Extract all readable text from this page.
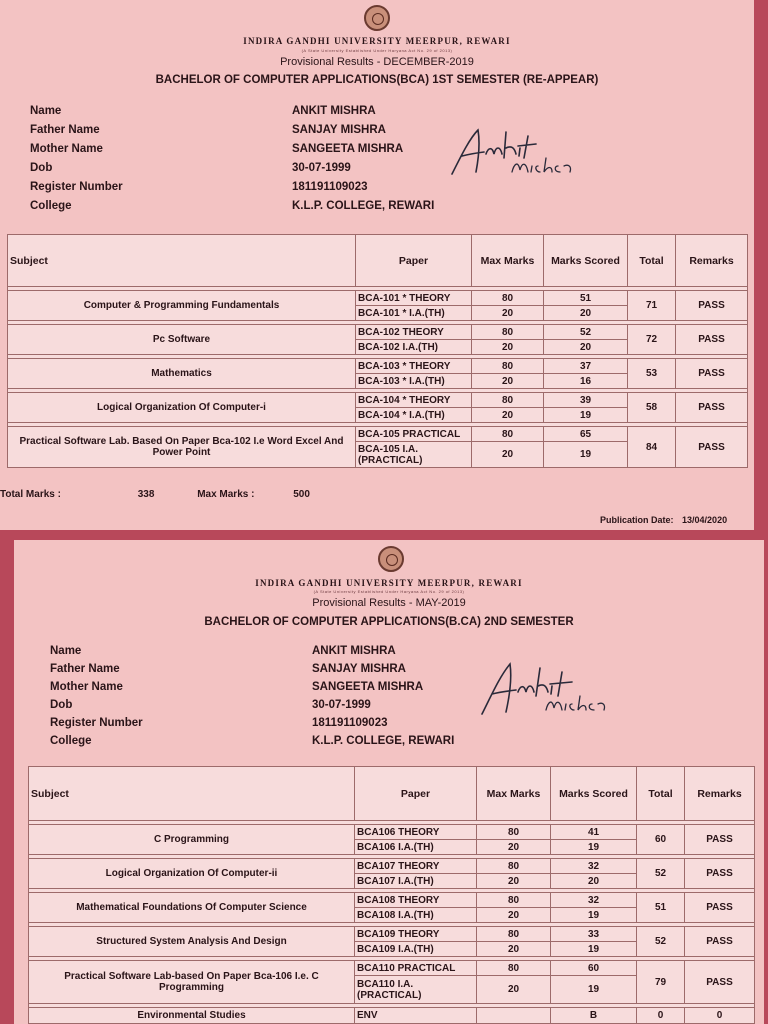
INDIRA GANDHI UNIVERSITY MEERPUR, REWARI
(A State University Established Under Haryana Act No. 29 of 2013)
Provisional Results - DECEMBER-2019
BACHELOR OF COMPUTER APPLICATIONS(BCA) 1ST SEMESTER (RE-APPEAR)
Name	ANKIT MISHRA
Father Name	SANJAY MISHRA
Mother Name	SANGEETA MISHRA
Dob	30-07-1999
Register Number	181191109023
College	K.L.P. COLLEGE, REWARI
Subject	Paper	Max Marks	Marks Scored	Total	Remarks

Computer & Programming Fundamentals	BCA-101 * THEORY	80	51	71	PASS
	BCA-101 * I.A.(TH)	20	20		

Pc Software	BCA-102 THEORY	80	52	72	PASS
	BCA-102 I.A.(TH)	20	20		

Mathematics	BCA-103 * THEORY	80	37	53	PASS
	BCA-103 * I.A.(TH)	20	16		

Logical Organization Of Computer-i	BCA-104 * THEORY	80	39	58	PASS
	BCA-104 * I.A.(TH)	20	19		

Practical Software Lab. Based On Paper Bca-102 I.e Word Excel And Power Point	BCA-105 PRACTICAL	80	65	84	PASS
	BCA-105 I.A. (PRACTICAL)	20	19		
Total Marks :	338	Max Marks :	500
Publication Date: 13/04/2020
INDIRA GANDHI UNIVERSITY MEERPUR, REWARI
(A State University Established Under Haryana Act No. 29 of 2013)
Provisional Results - MAY-2019
BACHELOR OF COMPUTER APPLICATIONS(B.CA) 2ND SEMESTER
Name	ANKIT MISHRA
Father Name	SANJAY MISHRA
Mother Name	SANGEETA MISHRA
Dob	30-07-1999
Register Number	181191109023
College	K.L.P. COLLEGE, REWARI
Subject	Paper	Max Marks	Marks Scored	Total	Remarks

C Programming	BCA106 THEORY	80	41	60	PASS
	BCA106 I.A.(TH)	20	19		

Logical Organization Of Computer-ii	BCA107 THEORY	80	32	52	PASS
	BCA107 I.A.(TH)	20	20		

Mathematical Foundations Of Computer Science	BCA108 THEORY	80	32	51	PASS
	BCA108 I.A.(TH)	20	19		

Structured System Analysis And Design	BCA109 THEORY	80	33	52	PASS
	BCA109 I.A.(TH)	20	19		

Practical Software Lab-based On Paper Bca-106 I.e. C Programming	BCA110 PRACTICAL	80	60	79	PASS
	BCA110 I.A. (PRACTICAL)	20	19		

Environmental Studies	ENV		B	0	0
